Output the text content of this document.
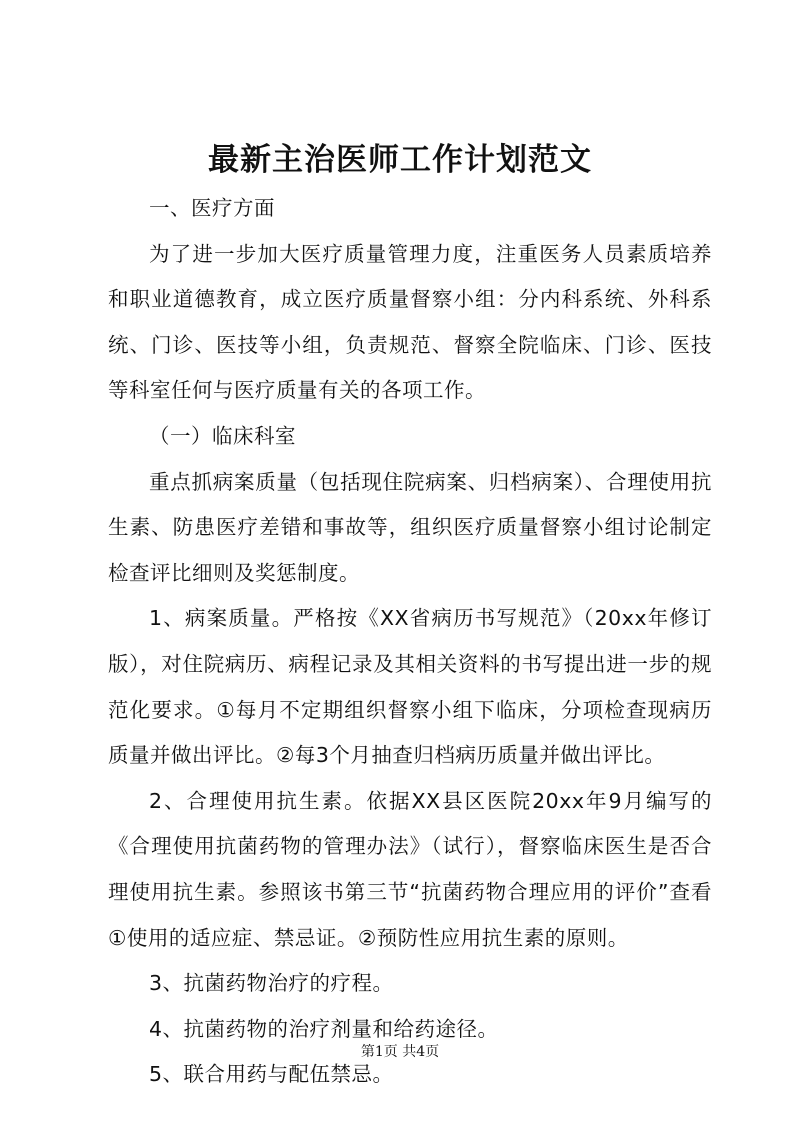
最新主治医师工作计划范文

一、医疗方面

为了进一步加大医疗质量管理力度，注重医务人员素质培养和职业道德教育，成立医疗质量督察小组：分内科系统、外科系统、门诊、医技等小组，负责规范、督察全院临床、门诊、医技等科室任何与医疗质量有关的各项工作。

（一）临床科室

重点抓病案质量（包括现住院病案、归档病案）、合理使用抗生素、防患医疗差错和事故等，组织医疗质量督察小组讨论制定检查评比细则及奖惩制度。

1、病案质量。严格按《XX省病历书写规范》（20xx年修订版），对住院病历、病程记录及其相关资料的书写提出进一步的规范化要求。①每月不定期组织督察小组下临床，分项检查现病历质量并做出评比。②每3个月抽查归档病历质量并做出评比。

2、合理使用抗生素。依据XX县区医院20xx年9月编写的《合理使用抗菌药物的管理办法》（试行），督察临床医生是否合理使用抗生素。参照该书第三节“抗菌药物合理应用的评价”查看①使用的适应症、禁忌证。②预防性应用抗生素的原则。

3、抗菌药物治疗的疗程。

4、抗菌药物的治疗剂量和给药途径。

5、联合用药与配伍禁忌。

第1页 共4页
